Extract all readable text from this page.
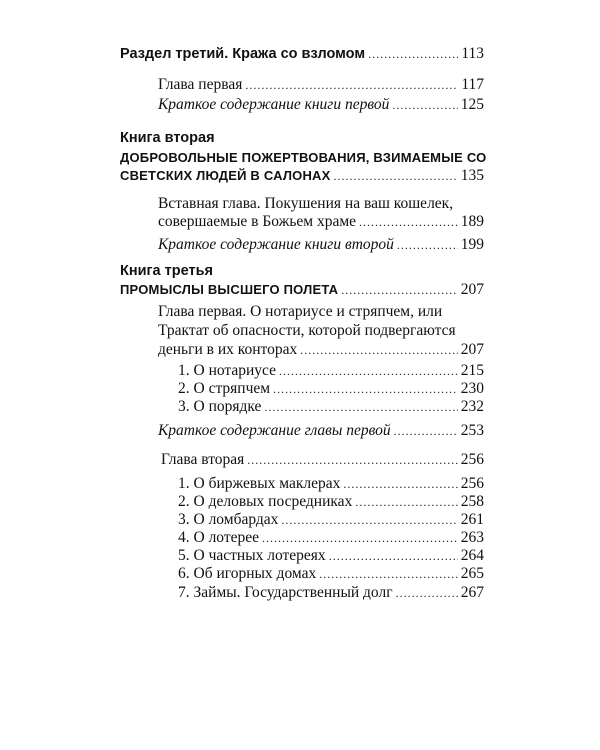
Раздел третий. Кража со взломом . . .	113
Глава первая . . .	117
Краткое содержание книги первой . . .	125
Книга вторая
ДОБРОВОЛЬНЫЕ ПОЖЕРТВОВАНИЯ, ВЗИМАЕМЫЕ СО
СВЕТСКИХ ЛЮДЕЙ В САЛОНАХ . . .	135
Вставная глава. Покушения на ваш кошелек,
совершаемые в Божьем храме . . .	189
Краткое содержание книги второй . . .	199
Книга третья
ПРОМЫСЛЫ ВЫСШЕГО ПОЛЕТА . . .	207
Глава первая. О нотариусе и стряпчем, или
Трактат об опасности, которой подвергаются
деньги в их конторах . . .	207
1. О нотариусе . . .	215
2. О стряпчем . . .	230
3. О порядке . . .	232
Краткое содержание главы первой . . .	253
Глава вторая . . .	256
1. О биржевых маклерах . . .	256
2. О деловых посредниках . . .	258
3. О ломбардах . . .	261
4. О лотерее . . .	263
5. О частных лотереях . . .	264
6. Об игорных домах . . .	265
7. Займы. Государственный долг . . .	267
